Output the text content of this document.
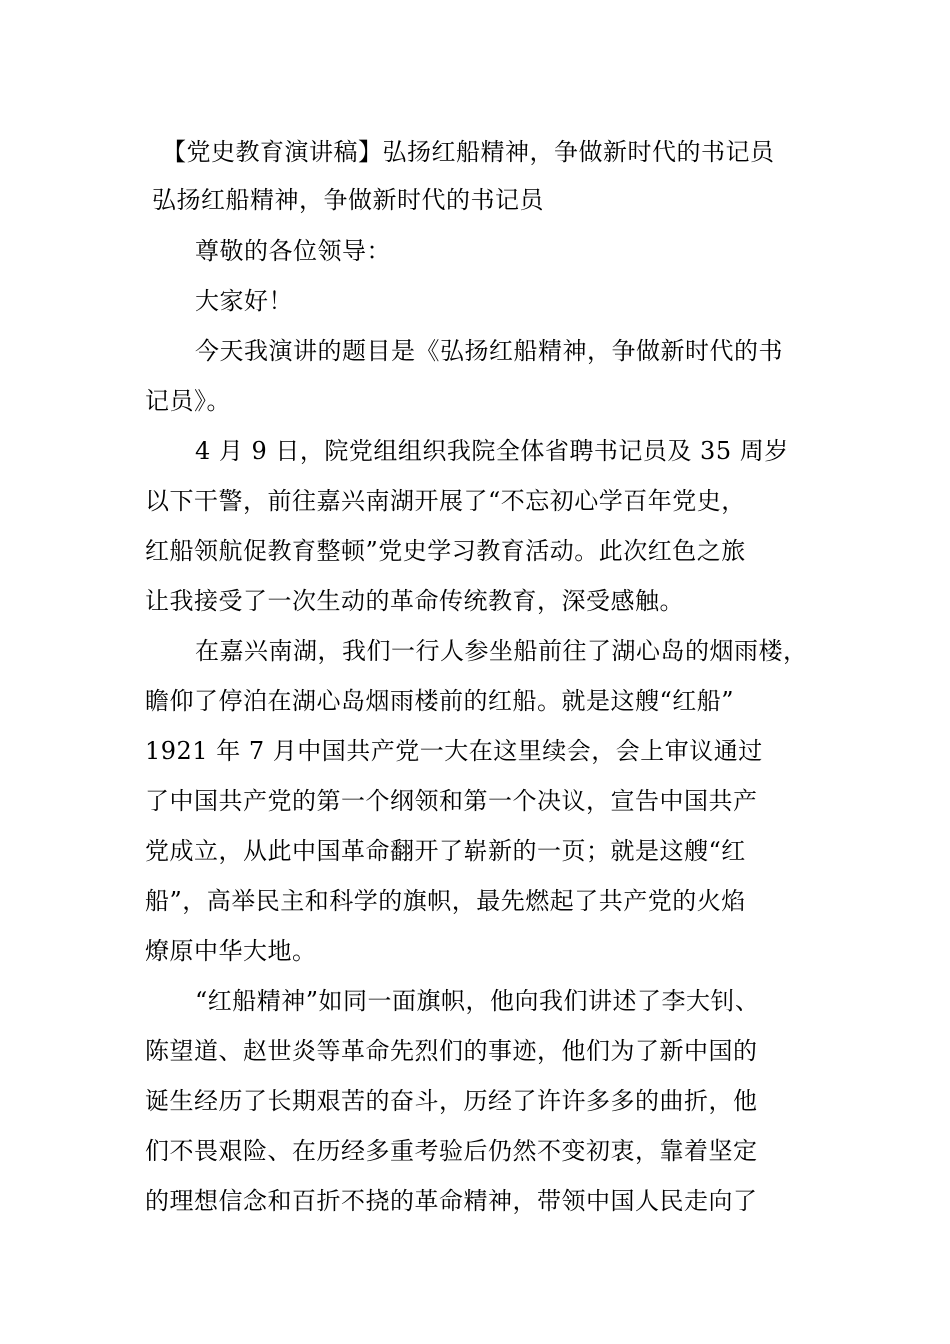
【党史教育演讲稿】弘扬红船精神，争做新时代的书记员
弘扬红船精神，争做新时代的书记员
尊敬的各位领导：
大家好！
今天我演讲的题目是《弘扬红船精神，争做新时代的书
记员》。
4 月 9 日，院党组组织我院全体省聘书记员及 35 周岁
以下干警，前往嘉兴南湖开展了“不忘初心学百年党史，
红船领航促教育整顿”党史学习教育活动。此次红色之旅
让我接受了一次生动的革命传统教育，深受感触。
在嘉兴南湖，我们一行人参坐船前往了湖心岛的烟雨楼，
瞻仰了停泊在湖心岛烟雨楼前的红船。就是这艘“红船”
1921 年 7 月中国共产党一大在这里续会，会上审议通过
了中国共产党的第一个纲领和第一个决议，宣告中国共产
党成立，从此中国革命翻开了崭新的一页；就是这艘“红
船”，高举民主和科学的旗帜，最先燃起了共产党的火焰
燎原中华大地。
“红船精神”如同一面旗帜，他向我们讲述了李大钊、
陈望道、赵世炎等革命先烈们的事迹，他们为了新中国的
诞生经历了长期艰苦的奋斗，历经了许许多多的曲折，他
们不畏艰险、在历经多重考验后仍然不变初衷，靠着坚定
的理想信念和百折不挠的革命精神，带领中国人民走向了
